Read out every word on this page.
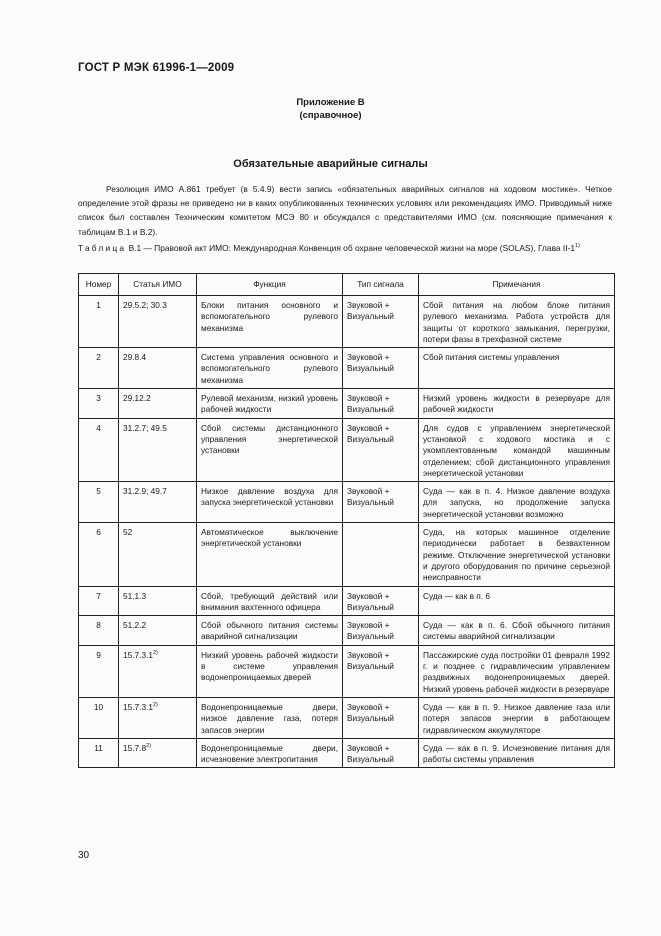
ГОСТ Р МЭК 61996-1—2009
Приложение В
(справочное)
Обязательные аварийные сигналы

Резолюция ИМО А.861 требует (в 5.4.9) вести запись «обязательных аварийных сигналов на ходовом мостике». Четкое определение этой фразы не приведено ни в каких опубликованных технических условиях или рекомендациях ИМО. Приводимый ниже список был составлен Техническим комитетом МСЭ 80 и обсуждался с представителями ИМО (см. поясняющие примечания к таблицам В.1 и В.2).

Таблица В.1 — Правовой акт ИМО: Международная Конвенция об охране человеческой жизни на море (SOLAS), Глава II-1$^{1)}$
Номер	Статья ИМО	Функция	Тип сигнала	Примечания
1	29.5.2; 30.3	Блоки питания основного и вспомогательного рулевого механизма	Звуковой + Визуальный	Сбой питания на любом блоке питания рулевого механизма. Работа устройств для защиты от короткого замыкания, перегрузки, потери фазы в трехфазной системе
2	29.8.4	Система управления основного и вспомогательного рулевого механизма	Звуковой + Визуальный	Сбой питания системы управления
3	29.12.2	Рулевой механизм, низкий уровень рабочей жидкости	Звуковой + Визуальный	Низкий уровень жидкости в резервуаре для рабочей жидкости
4	31.2.7; 49.5	Сбой системы дистанционного управления энергетической установки	Звуковой + Визуальный	Для судов с управлением энергетической установкой с ходового мостика и с укомплектованным командой машинным отделением; сбой дистанционного управления энергетической установки
5	31.2.9; 49.7	Низкое давление воздуха для запуска энергетической установки	Звуковой + Визуальный	Суда — как в п. 4. Низкое давление воздуха для запуска, но продолжение запуска энергетической установки возможно
6	52	Автоматическое выключение энергетической установки		Суда, на которых машинное отделение периодически работает в безвахтенном режиме. Отключение энергетической установки и другого оборудования по причине серьезной неисправности
7	51.1.3	Сбой, требующий действий или внимания вахтенного офицера	Звуковой + Визуальный	Суда — как в п. 6
8	51.2.2	Сбой обычного питания системы аварийной сигнализации	Звуковой + Визуальный	Суда — как в п. 6. Сбой обычного питания системы аварийной сигнализации
9	15.7.3.1$^{2)}$	Низкий уровень рабочей жидкости в системе управления водонепроницаемых дверей	Звуковой + Визуальный	Пассажирские суда постройки 01 февраля 1992 г. и позднее с гидравлическим управлением раздвижных водонепроницаемых дверей. Низкий уровень рабочей жидкости в резервуаре
10	15.7.3.1$^{2)}$	Водонепроницаемые двери, низкое давление газа, потеря запасов энергии	Звуковой + Визуальный	Суда — как в п. 9. Низкое давление газа или потеря запасов энергии в работающем гидравлическом аккумуляторе
11	15.7.8$^{2)}$	Водонепроницаемые двери, исчезновение электропитания	Звуковой + Визуальный	Суда — как в п. 9. Исчезновение питания для работы системы управления
30
